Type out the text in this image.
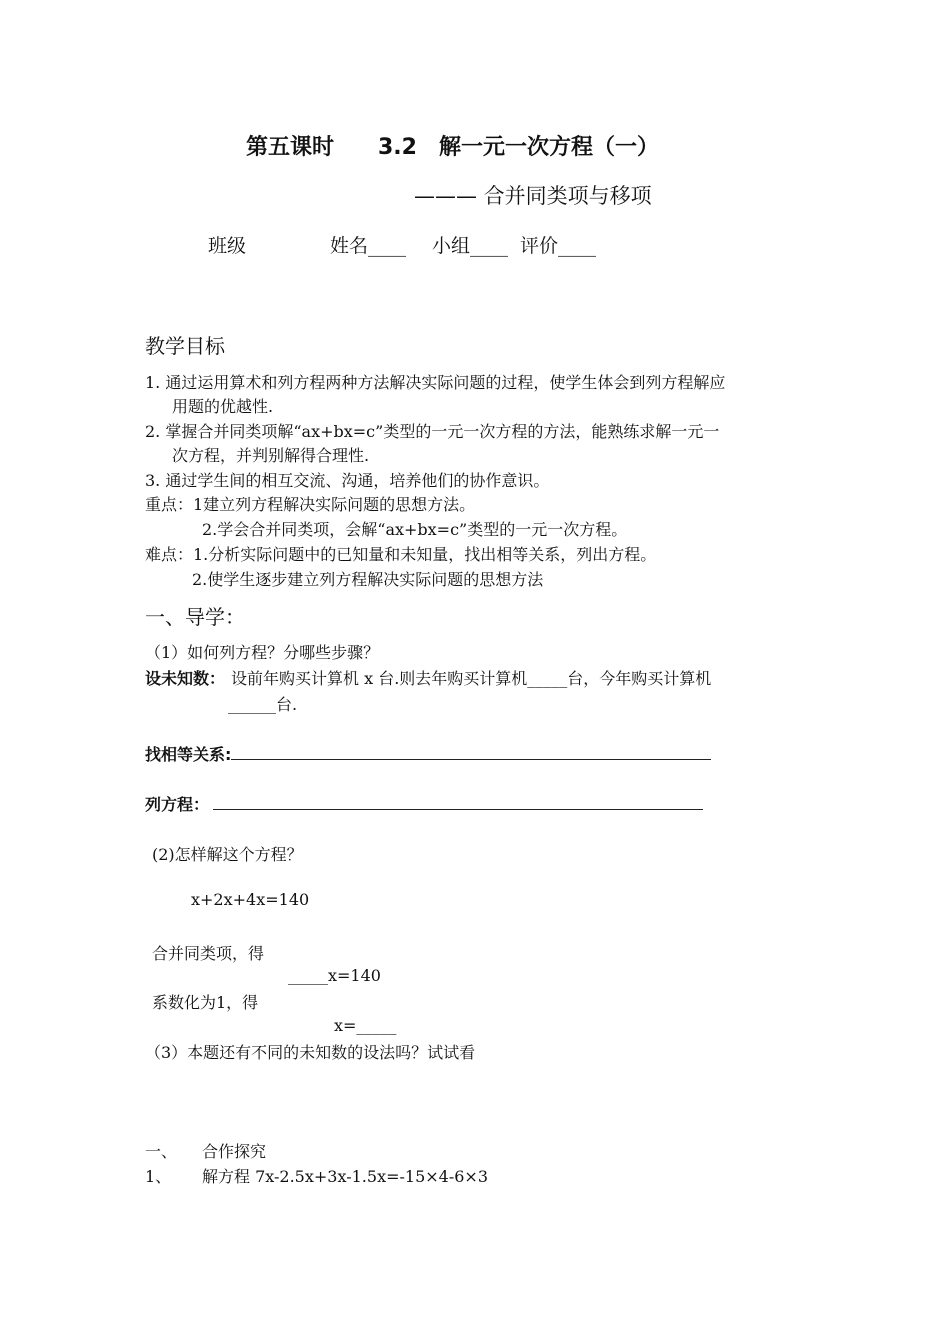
第五课时　　3.2　解一元一次方程（一）
——— 合并同类项与移项
班级	姓名____ 小组____ 评价____
教学目标
1. 通过运用算术和列方程两种方法解决实际问题的过程，使学生体会到列方程解应
用题的优越性.
2. 掌握合并同类项解“ax+bx=c”类型的一元一次方程的方法，能熟练求解一元一
次方程，并判别解得合理性.
3. 通过学生间的相互交流、沟通，培养他们的协作意识。
重点：1建立列方程解决实际问题的思想方法。
2.学会合并同类项，会解“ax+bx=c”类型的一元一次方程。
难点：1.分析实际问题中的已知量和未知量，找出相等关系，列出方程。
2.使学生逐步建立列方程解决实际问题的思想方法
一、导学：
（1）如何列方程？分哪些步骤？
设未知数： 设前年购买计算机 x 台.则去年购买计算机_____台，今年购买计算机
______台.
找相等关系:
列方程：
(2)怎样解这个方程？
x+2x+4x=140
合并同类项，得
_____x=140
系数化为1，得
x=_____
（3）本题还有不同的未知数的设法吗？试试看
一、 合作探究
1、 解方程 7x-2.5x+3x-1.5x=-15×4-6×3
